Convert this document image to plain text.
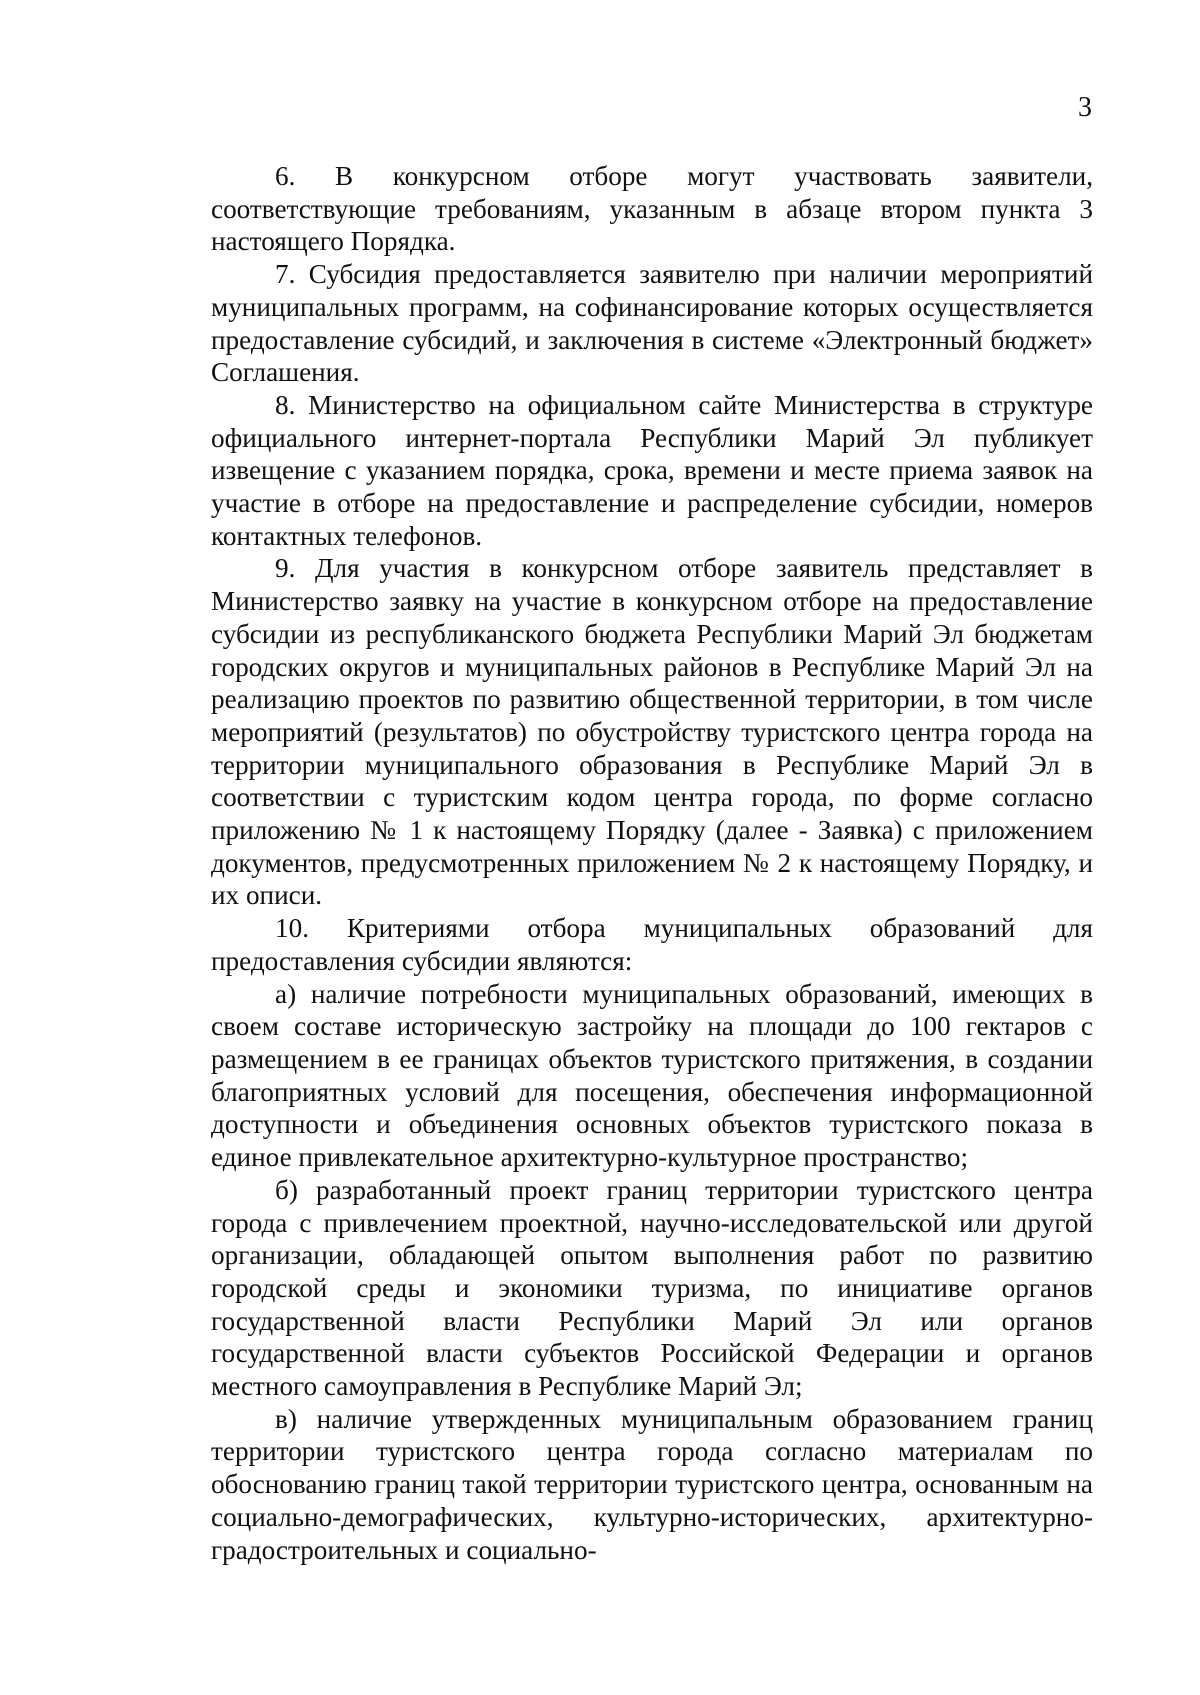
3

6. В конкурсном отборе могут участвовать заявители, соответствующие требованиям, указанным в абзаце втором пункта 3 настоящего Порядка.

7. Субсидия предоставляется заявителю при наличии мероприятий муниципальных программ, на софинансирование которых осуществляется предоставление субсидий, и заключения в системе «Электронный бюджет» Соглашения.

8. Министерство на официальном сайте Министерства в структуре официального интернет-портала Республики Марий Эл публикует извещение с указанием порядка, срока, времени и месте приема заявок на участие в отборе на предоставление и распределение субсидии, номеров контактных телефонов.

9. Для участия в конкурсном отборе заявитель представляет в Министерство заявку на участие в конкурсном отборе на предоставление субсидии из республиканского бюджета Республики Марий Эл бюджетам городских округов и муниципальных районов в Республике Марий Эл на реализацию проектов по развитию общественной территории, в том числе мероприятий (результатов) по обустройству туристского центра города на территории муниципального образования в Республике Марий Эл в соответствии с туристским кодом центра города, по форме согласно приложению № 1 к настоящему Порядку (далее - Заявка) с приложением документов, предусмотренных приложением № 2 к настоящему Порядку, и их описи.

10. Критериями отбора муниципальных образований для предоставления субсидии являются:

а) наличие потребности муниципальных образований, имеющих в своем составе историческую застройку на площади до 100 гектаров с размещением в ее границах объектов туристского притяжения, в создании благоприятных условий для посещения, обеспечения информационной доступности и объединения основных объектов туристского показа в единое привлекательное архитектурно-культурное пространство;

б) разработанный проект границ территории туристского центра города с привлечением проектной, научно-исследовательской или другой организации, обладающей опытом выполнения работ по развитию городской среды и экономики туризма, по инициативе органов государственной власти Республики Марий Эл или органов государственной власти субъектов Российской Федерации и органов местного самоуправления в Республике Марий Эл;

в) наличие утвержденных муниципальным образованием границ территории туристского центра города согласно материалам по обоснованию границ такой территории туристского центра, основанным на социально-демографических, культурно-исторических, архитектурно-градостроительных и социально-
